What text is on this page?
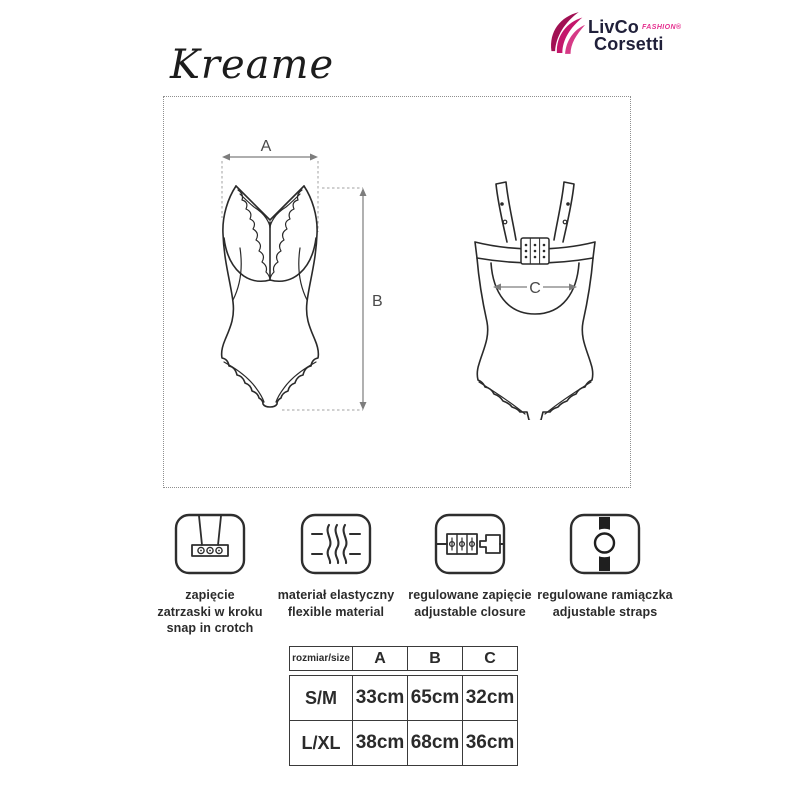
LivCo FASHION®
Corsetti
Kreame
A
B
C

zapięcie

zatrzaski w kroku

snap in crotch

materiał elastyczny

flexible material

regulowane zapięcie

adjustable closure

regulowane ramiączka

adjustable straps

rozmiar/size	A	B	C
S/M	33cm	65cm	32cm
L/XL	38cm	68cm	36cm
